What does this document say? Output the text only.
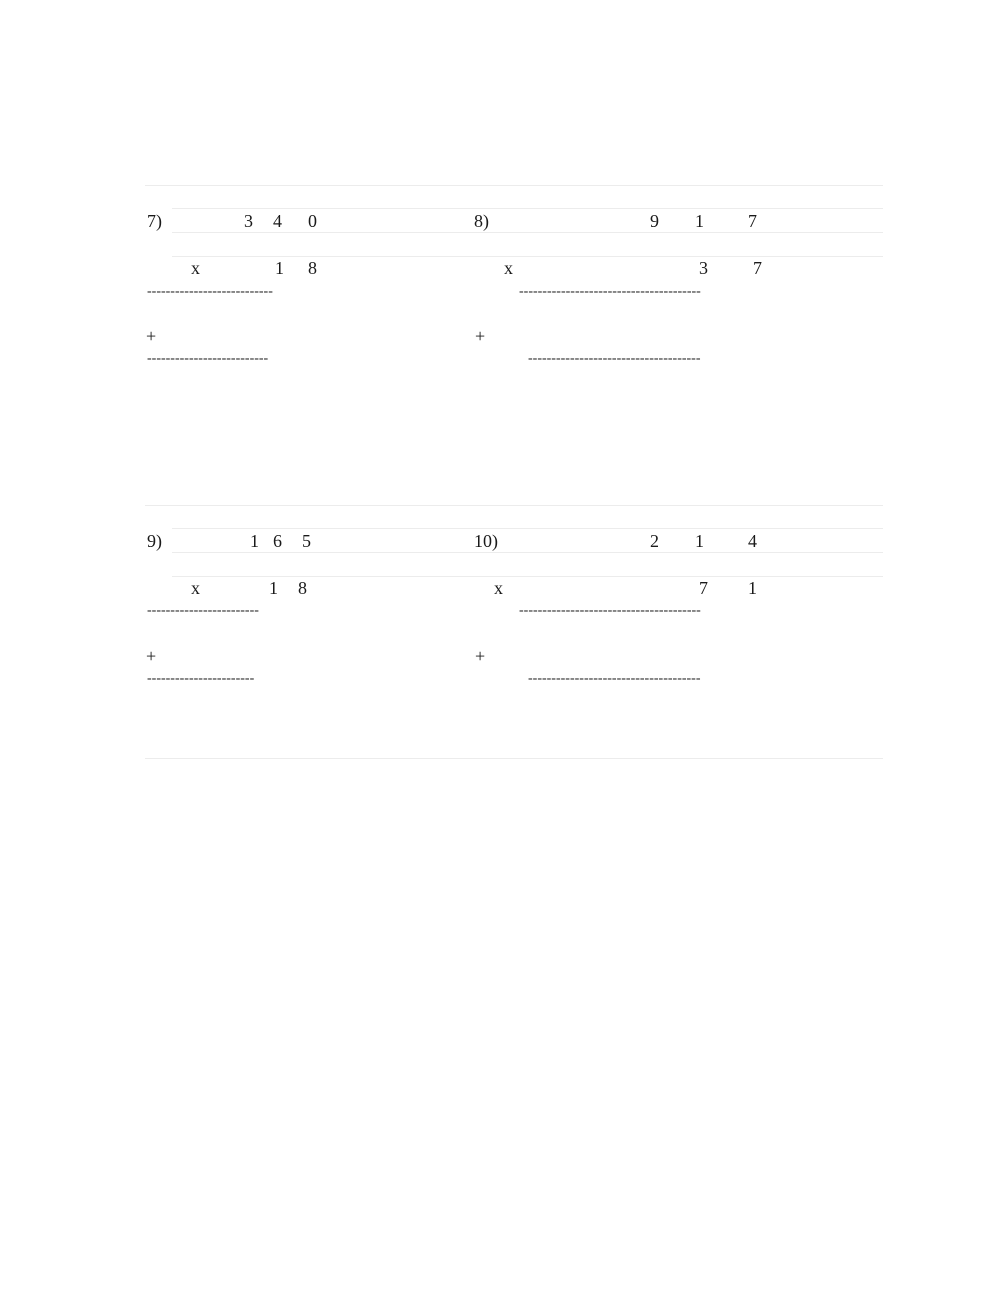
7)	3 4 0
x	1 8
---------------------------
+
--------------------------
8)	9 1 7
x	3	7
---------------------------------------
+
-------------------------------------
9)	1 6 5
x	1 8
------------------------
+
-----------------------
10)	2 1 4
x	7 1
---------------------------------------
+
-------------------------------------
